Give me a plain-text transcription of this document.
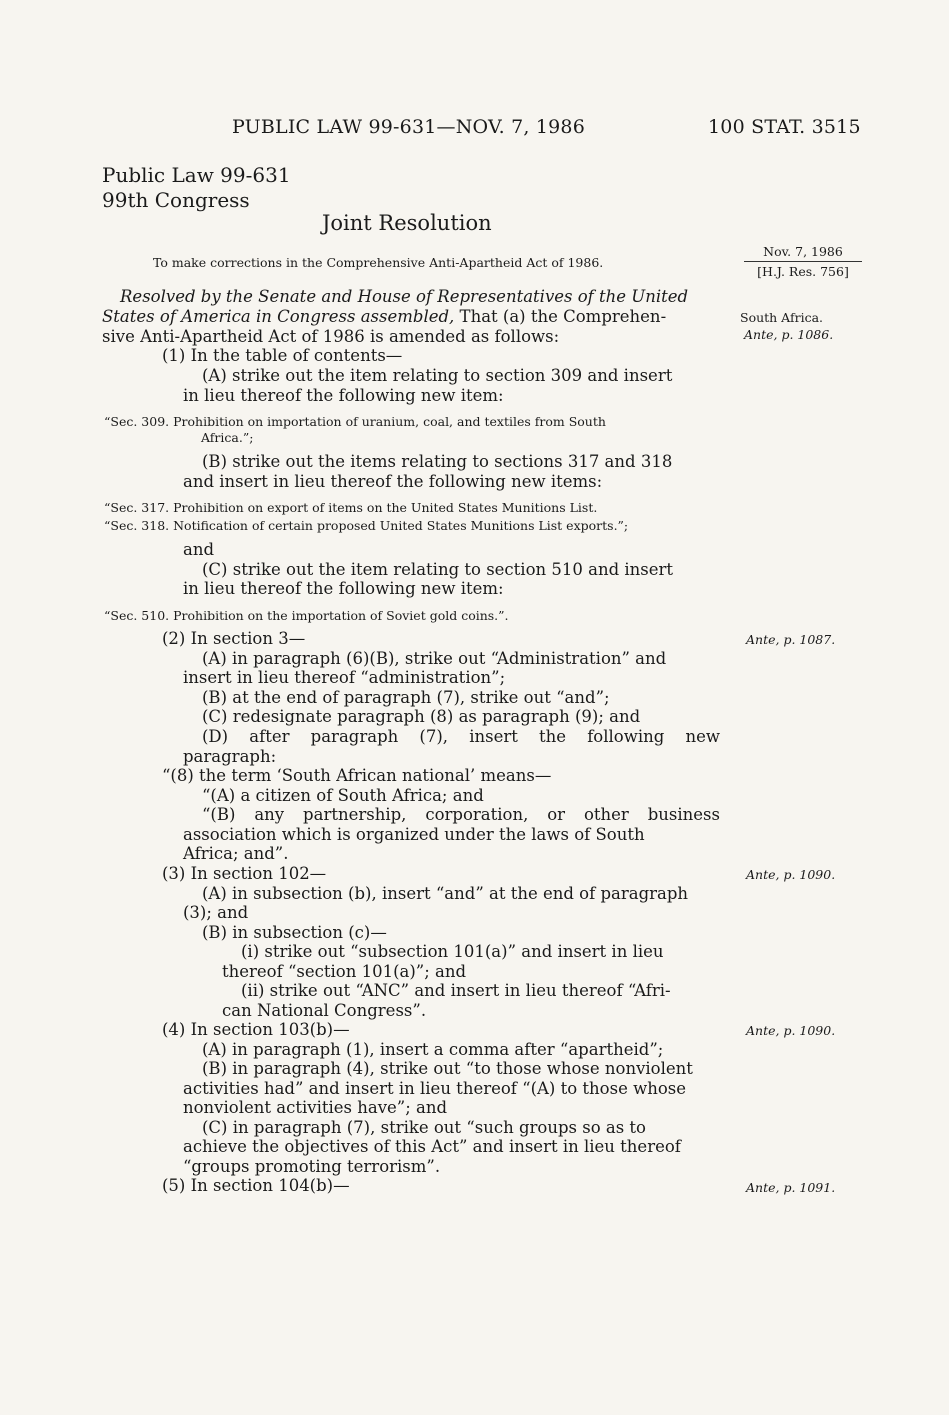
PUBLIC LAW 99-631—NOV. 7, 1986	100 STAT. 3515

Public Law 99-631

99th Congress

Joint Resolution

To make corrections in the Comprehensive Anti-Apartheid Act of 1986.

Nov. 7, 1986
[H.J. Res. 756]

South Africa.

Ante, p. 1086.

Ante, p. 1087.

Ante, p. 1090.

Ante, p. 1090.

Ante, p. 1091.

Resolved by the Senate and House of Representatives of the United

States of America in Congress assembled, That (a) the Comprehen-

sive Anti-Apartheid Act of 1986 is amended as follows:

(1) In the table of contents—

(A) strike out the item relating to section 309 and insert

in lieu thereof the following new item:

“Sec. 309. Prohibition on importation of uranium, coal, and textiles from South

Africa.”;

(B) strike out the items relating to sections 317 and 318

and insert in lieu thereof the following new items:

“Sec. 317. Prohibition on export of items on the United States Munitions List.

“Sec. 318. Notification of certain proposed United States Munitions List exports.”;

and

(C) strike out the item relating to section 510 and insert

in lieu thereof the following new item:

“Sec. 510. Prohibition on the importation of Soviet gold coins.”.

(2) In section 3—

(A) in paragraph (6)(B), strike out “Administration” and

insert in lieu thereof “administration”;

(B) at the end of paragraph (7), strike out “and”;

(C) redesignate paragraph (8) as paragraph (9); and

(D) after paragraph (7), insert the following new

paragraph:

“(8) the term ‘South African national’ means—

“(A) a citizen of South Africa; and

“(B) any partnership, corporation, or other business

association which is organized under the laws of South

Africa; and”.

(3) In section 102—

(A) in subsection (b), insert “and” at the end of paragraph

(3); and

(B) in subsection (c)—

(i) strike out “subsection 101(a)” and insert in lieu

thereof “section 101(a)”; and

(ii) strike out “ANC” and insert in lieu thereof “Afri-

can National Congress”.

(4) In section 103(b)—

(A) in paragraph (1), insert a comma after “apartheid”;

(B) in paragraph (4), strike out “to those whose nonviolent

activities had” and insert in lieu thereof “(A) to those whose

nonviolent activities have”; and

(C) in paragraph (7), strike out “such groups so as to

achieve the objectives of this Act” and insert in lieu thereof

“groups promoting terrorism”.

(5) In section 104(b)—
